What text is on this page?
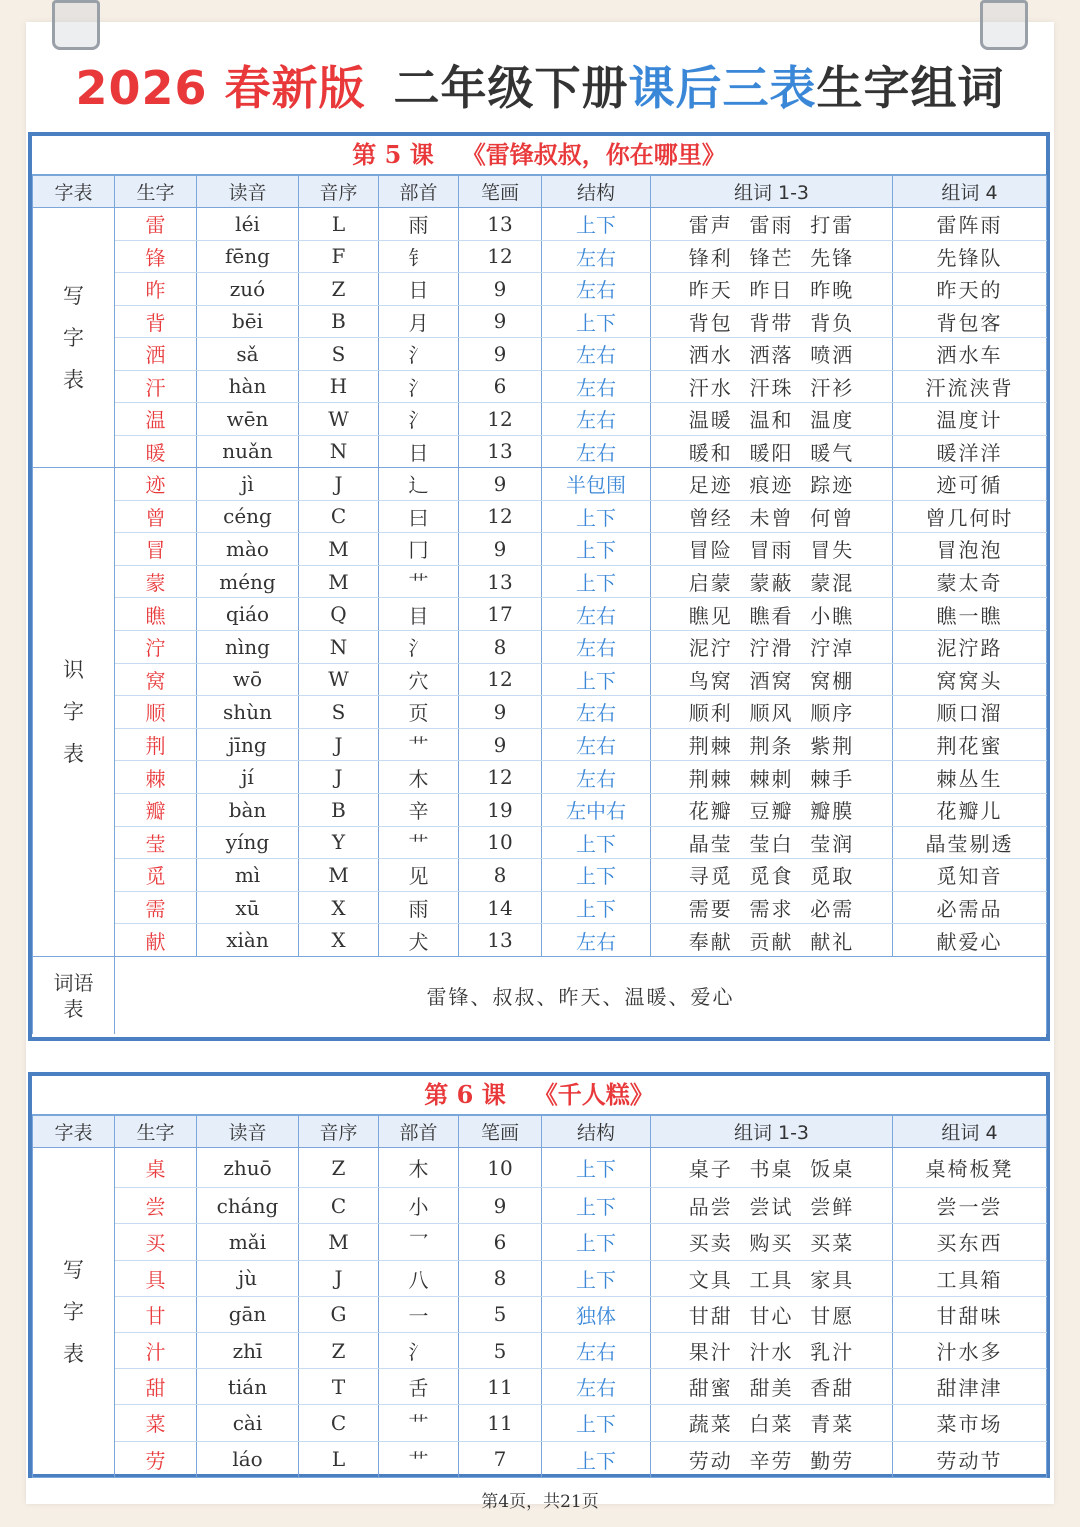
2026 春新版 二年级下册课后三表生字组词
第 5 课 《雷锋叔叔，你在哪里》
字表	生字	读音	音序	部首	笔画	结构	组词 1-3	组词 4
写字表	雷	léi	L	雨	13	上下	雷声  雷雨  打雷	雷阵雨
	锋	fēng	F	钅	12	左右	锋利  锋芒  先锋	先锋队
	昨	zuó	Z	日	9	左右	昨天  昨日  昨晚	昨天的
	背	bēi	B	月	9	上下	背包  背带  背负	背包客
	洒	sǎ	S	氵	9	左右	洒水  洒落  喷洒	洒水车
	汗	hàn	H	氵	6	左右	汗水  汗珠  汗衫	汗流浃背
	温	wēn	W	氵	12	左右	温暖  温和  温度	温度计
	暖	nuǎn	N	日	13	左右	暖和  暖阳  暖气	暖洋洋
识字表	迹	jì	J	辶	9	半包围	足迹  痕迹  踪迹	迹可循
	曾	céng	C	曰	12	上下	曾经  未曾  何曾	曾几何时
	冒	mào	M	冂	9	上下	冒险  冒雨  冒失	冒泡泡
	蒙	méng	M	艹	13	上下	启蒙  蒙蔽  蒙混	蒙太奇
	瞧	qiáo	Q	目	17	左右	瞧见  瞧看  小瞧	瞧一瞧
	泞	nìng	N	氵	8	左右	泥泞  泞滑  泞淖	泥泞路
	窝	wō	W	穴	12	上下	鸟窝  酒窝  窝棚	窝窝头
	顺	shùn	S	页	9	左右	顺利  顺风  顺序	顺口溜
	荆	jīng	J	艹	9	左右	荆棘  荆条  紫荆	荆花蜜
	棘	jí	J	木	12	左右	荆棘  棘刺  棘手	棘丛生
	瓣	bàn	B	辛	19	左中右	花瓣  豆瓣  瓣膜	花瓣儿
	莹	yíng	Y	艹	10	上下	晶莹  莹白  莹润	晶莹剔透
	觅	mì	M	见	8	上下	寻觅  觅食  觅取	觅知音
	需	xū	X	雨	14	上下	需要  需求  必需	必需品
	献	xiàn	X	犬	13	左右	奉献  贡献  献礼	献爱心
词语表	雷锋、叔叔、昨天、温暖、爱心							
第 6 课 《千人糕》
字表	生字	读音	音序	部首	笔画	结构	组词 1-3	组词 4
写字表	桌	zhuō	Z	木	10	上下	桌子  书桌  饭桌	桌椅板凳
	尝	cháng	C	小	9	上下	品尝  尝试  尝鲜	尝一尝
	买	mǎi	M	乛	6	上下	买卖  购买  买菜	买东西
	具	jù	J	八	8	上下	文具  工具  家具	工具箱
	甘	gān	G	一	5	独体	甘甜  甘心  甘愿	甘甜味
	汁	zhī	Z	氵	5	左右	果汁  汁水  乳汁	汁水多
	甜	tián	T	舌	11	左右	甜蜜  甜美  香甜	甜津津
	菜	cài	C	艹	11	上下	蔬菜  白菜  青菜	菜市场
	劳	láo	L	艹	7	上下	劳动  辛劳  勤劳	劳动节
第4页，共21页
